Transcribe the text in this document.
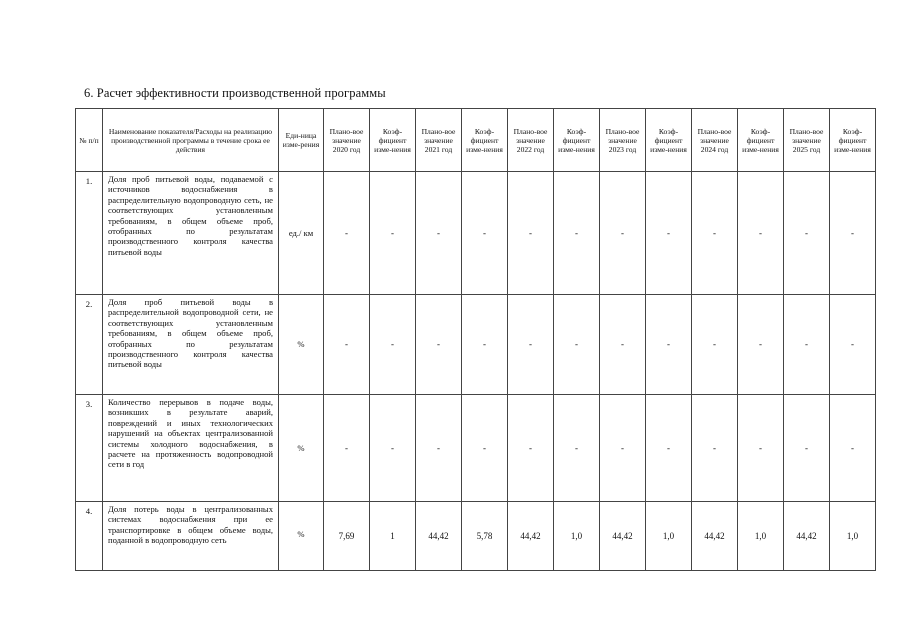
6. Расчет эффективности производственной программы
№ п/п	Наименование показателя/Расходы на реализацию производственной программы в течение срока ее действия	Еди-ница изме-рения	Плано-вое значение 2020 год	Коэф-фициент изме-нения	Плано-вое значение 2021 год	Коэф-фициент изме-нения	Плано-вое значение 2022 год	Коэф-фициент изме-нения	Плано-вое значение 2023 год	Коэф-фициент изме-нения	Плано-вое значение 2024 год	Коэф-фициент изме-нения	Плано-вое значение 2025 год	Коэф-фициент изме-нения

1.	Доля проб питьевой воды, подаваемой с источников водоснабжения в распределительную водопроводную сеть, не соответствующих установленным требованиям, в общем объеме проб, отобранных по результатам производственного контроля качества питьевой воды	ед./ км	-	-	-	-	-	-	-	-	-	-	-	-
2.	Доля проб питьевой воды в распределительной водопроводной сети, не соответствующих установленным требованиям, в общем объеме проб, отобранных по результатам производственного контроля качества питьевой воды	%	-	-	-	-	-	-	-	-	-	-	-	-
3.	Количество перерывов в подаче воды, возникших в результате аварий, повреждений и иных технологических нарушений на объектах централизованной системы холодного водоснабжения, в расчете на протяженность водопроводной сети в год	%	-	-	-	-	-	-	-	-	-	-	-	-
4.	Доля потерь воды в централизованных системах водоснабжения при ее транспортировке в общем объеме воды, поданной в водопроводную сеть	%	7,69	1	44,42	5,78	44,42	1,0	44,42	1,0	44,42	1,0	44,42	1,0
